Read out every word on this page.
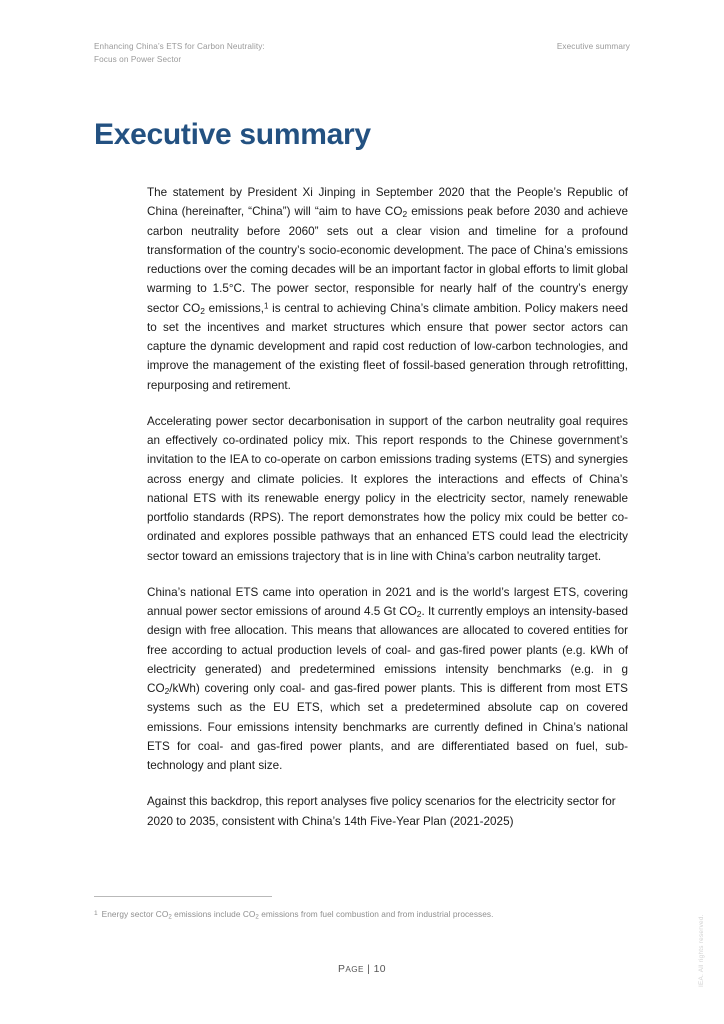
Enhancing China’s ETS for Carbon Neutrality:
Focus on Power Sector
Executive summary
Executive summary

The statement by President Xi Jinping in September 2020 that the People’s Republic of China (hereinafter, “China”) will “aim to have $CO_2$ emissions peak before 2030 and achieve carbon neutrality before 2060” sets out a clear vision and timeline for a profound transformation of the country’s socio-economic development. The pace of China’s emissions reductions over the coming decades will be an important factor in global efforts to limit global warming to 1.5°C. The power sector, responsible for nearly half of the country’s energy sector $CO_2$ emissions,$^1$ is central to achieving China’s climate ambition. Policy makers need to set the incentives and market structures which ensure that power sector actors can capture the dynamic development and rapid cost reduction of low-carbon technologies, and improve the management of the existing fleet of fossil-based generation through retrofitting, repurposing and retirement.

Accelerating power sector decarbonisation in support of the carbon neutrality goal requires an effectively co-ordinated policy mix. This report responds to the Chinese government’s invitation to the IEA to co-operate on carbon emissions trading systems (ETS) and synergies across energy and climate policies. It explores the interactions and effects of China’s national ETS with its renewable energy policy in the electricity sector, namely renewable portfolio standards (RPS). The report demonstrates how the policy mix could be better co-ordinated and explores possible pathways that an enhanced ETS could lead the electricity sector toward an emissions trajectory that is in line with China’s carbon neutrality target.

China’s national ETS came into operation in 2021 and is the world’s largest ETS, covering annual power sector emissions of around 4.5 Gt $CO_2$. It currently employs an intensity-based design with free allocation. This means that allowances are allocated to covered entities for free according to actual production levels of coal- and gas-fired power plants (e.g. kWh of electricity generated) and predetermined emissions intensity benchmarks (e.g. in g $CO_2/kWh$) covering only coal- and gas-fired power plants. This is different from most ETS systems such as the EU ETS, which set a predetermined absolute cap on covered emissions. Four emissions intensity benchmarks are currently defined in China’s national ETS for coal- and gas-fired power plants, and are differentiated based on fuel, sub-technology and plant size.

Against this backdrop, this report analyses five policy scenarios for the electricity sector for 2020 to 2035, consistent with China’s 14th Five-Year Plan (2021-2025)

$^1$ Energy sector $CO_2$ emissions include $CO_2$ emissions from fuel combustion and from industrial processes.
PAGE | 10	IEA. All rights reserved.
